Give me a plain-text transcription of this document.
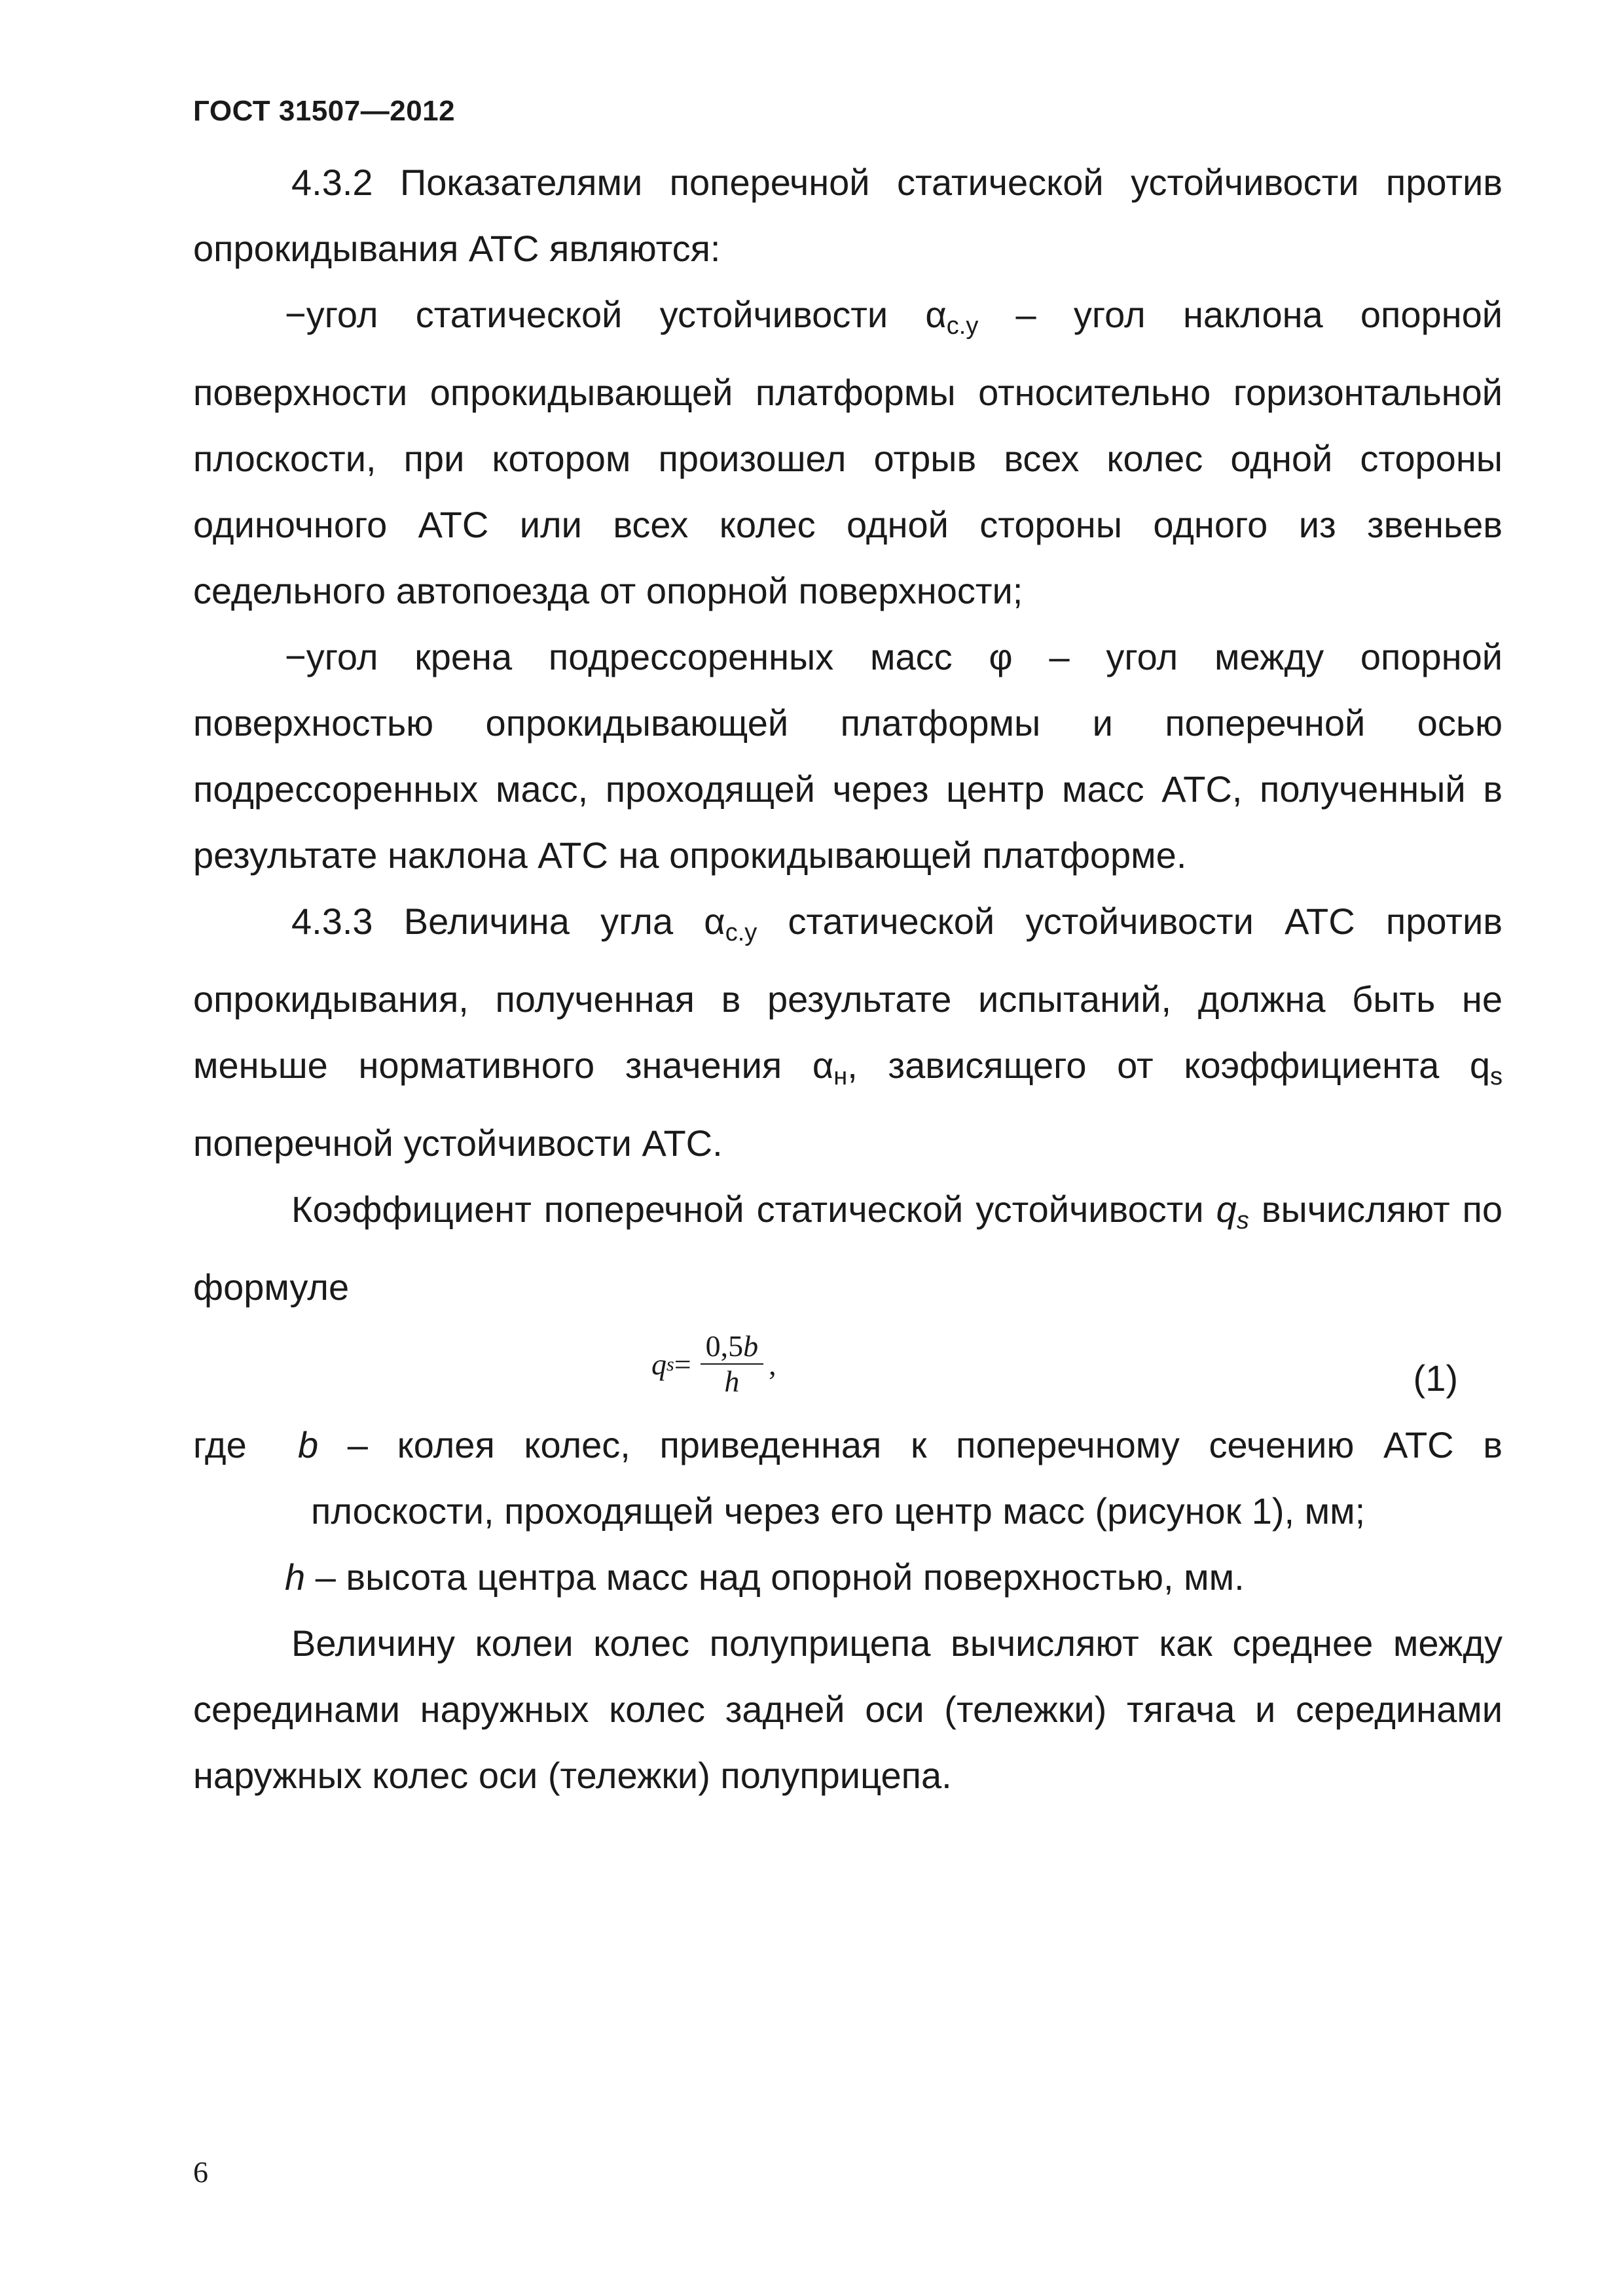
ГОСТ 31507—2012

4.3.2 Показателями поперечной статической устойчивости против опрокидывания АТС являются:

−угол статической устойчивости $\alpha_{с.у}$ – угол наклона опорной поверхности опрокидывающей платформы относительно горизонтальной плоскости, при котором произошел отрыв всех колес одной стороны одиночного АТС или всех колес одной стороны одного из звеньев седельного автопоезда от опорной поверхности;

−угол крена подрессоренных масс φ – угол между опорной поверхностью опрокидывающей платформы и поперечной осью подрессоренных масс, проходящей через центр масс АТС, полученный в результате наклона АТС на опрокидывающей платформе.

4.3.3 Величина угла $\alpha_{с.у}$ статической устойчивости АТС против опрокидывания, полученная в результате испытаний, должна быть не меньше нормативного значения $\alpha_н$, зависящего от коэффициента $q_s$ поперечной устойчивости АТС.

Коэффициент поперечной статической устойчивости $q_s$ вычисляют по формуле

q $s = \frac{0,5b}{h}$ ,	(1)
где b – колея колес, приведенная к поперечному сечению АТС в плоскости, проходящей через его центр масс (рисунок 1), мм;
h – высота центра масс над опорной поверхностью, мм.

Величину колеи колес полуприцепа вычисляют как среднее между серединами наружных колес задней оси (тележки) тягача и серединами наружных колес оси (тележки) полуприцепа.

6
